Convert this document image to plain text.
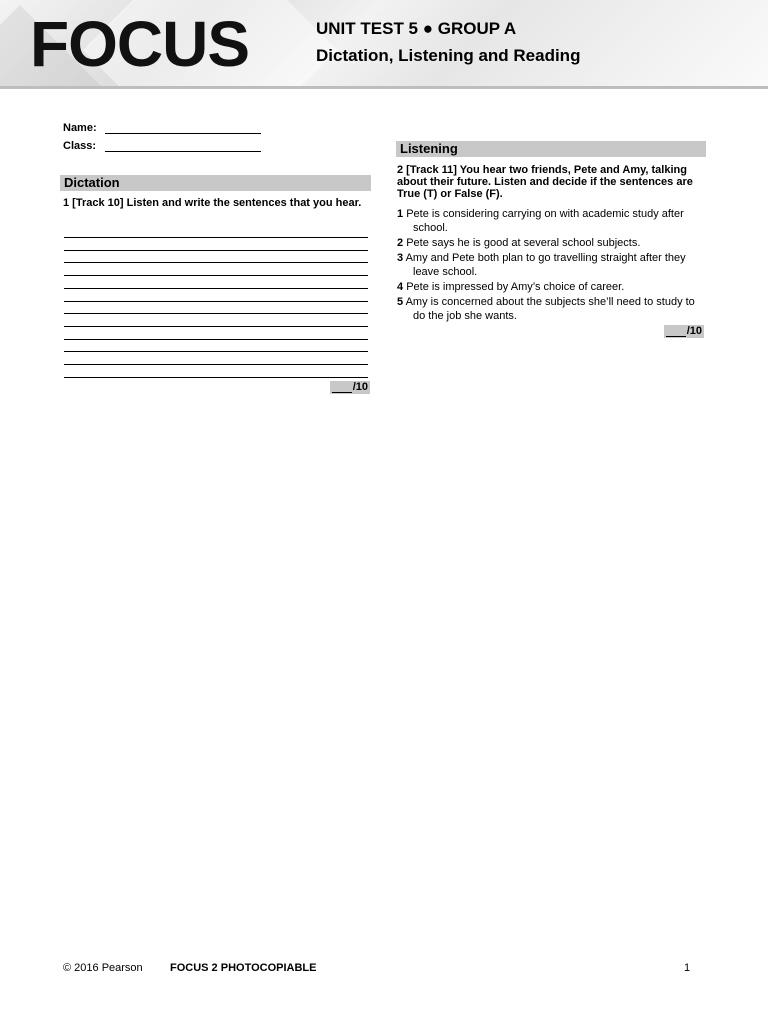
FOCUS	UNIT TEST 5 ● GROUP A
Dictation, Listening and Reading
Name:
Class:
Dictation
1 [Track 10] Listen and write the sentences that you hear.
/10
Listening
2 [Track 11] You hear two friends, Pete and Amy, talking about their future. Listen and decide if the sentences are True (T) or False (F).

1 Pete is considering carrying on with academic study after school.

2 Pete says he is good at several school subjects.

3 Amy and Pete both plan to go travelling straight after they leave school.

4 Pete is impressed by Amy’s choice of career.

5 Amy is concerned about the subjects she’ll need to study to do the job she wants.

/10
© 2016 Pearson FOCUS 2 PHOTOCOPIABLE	1
